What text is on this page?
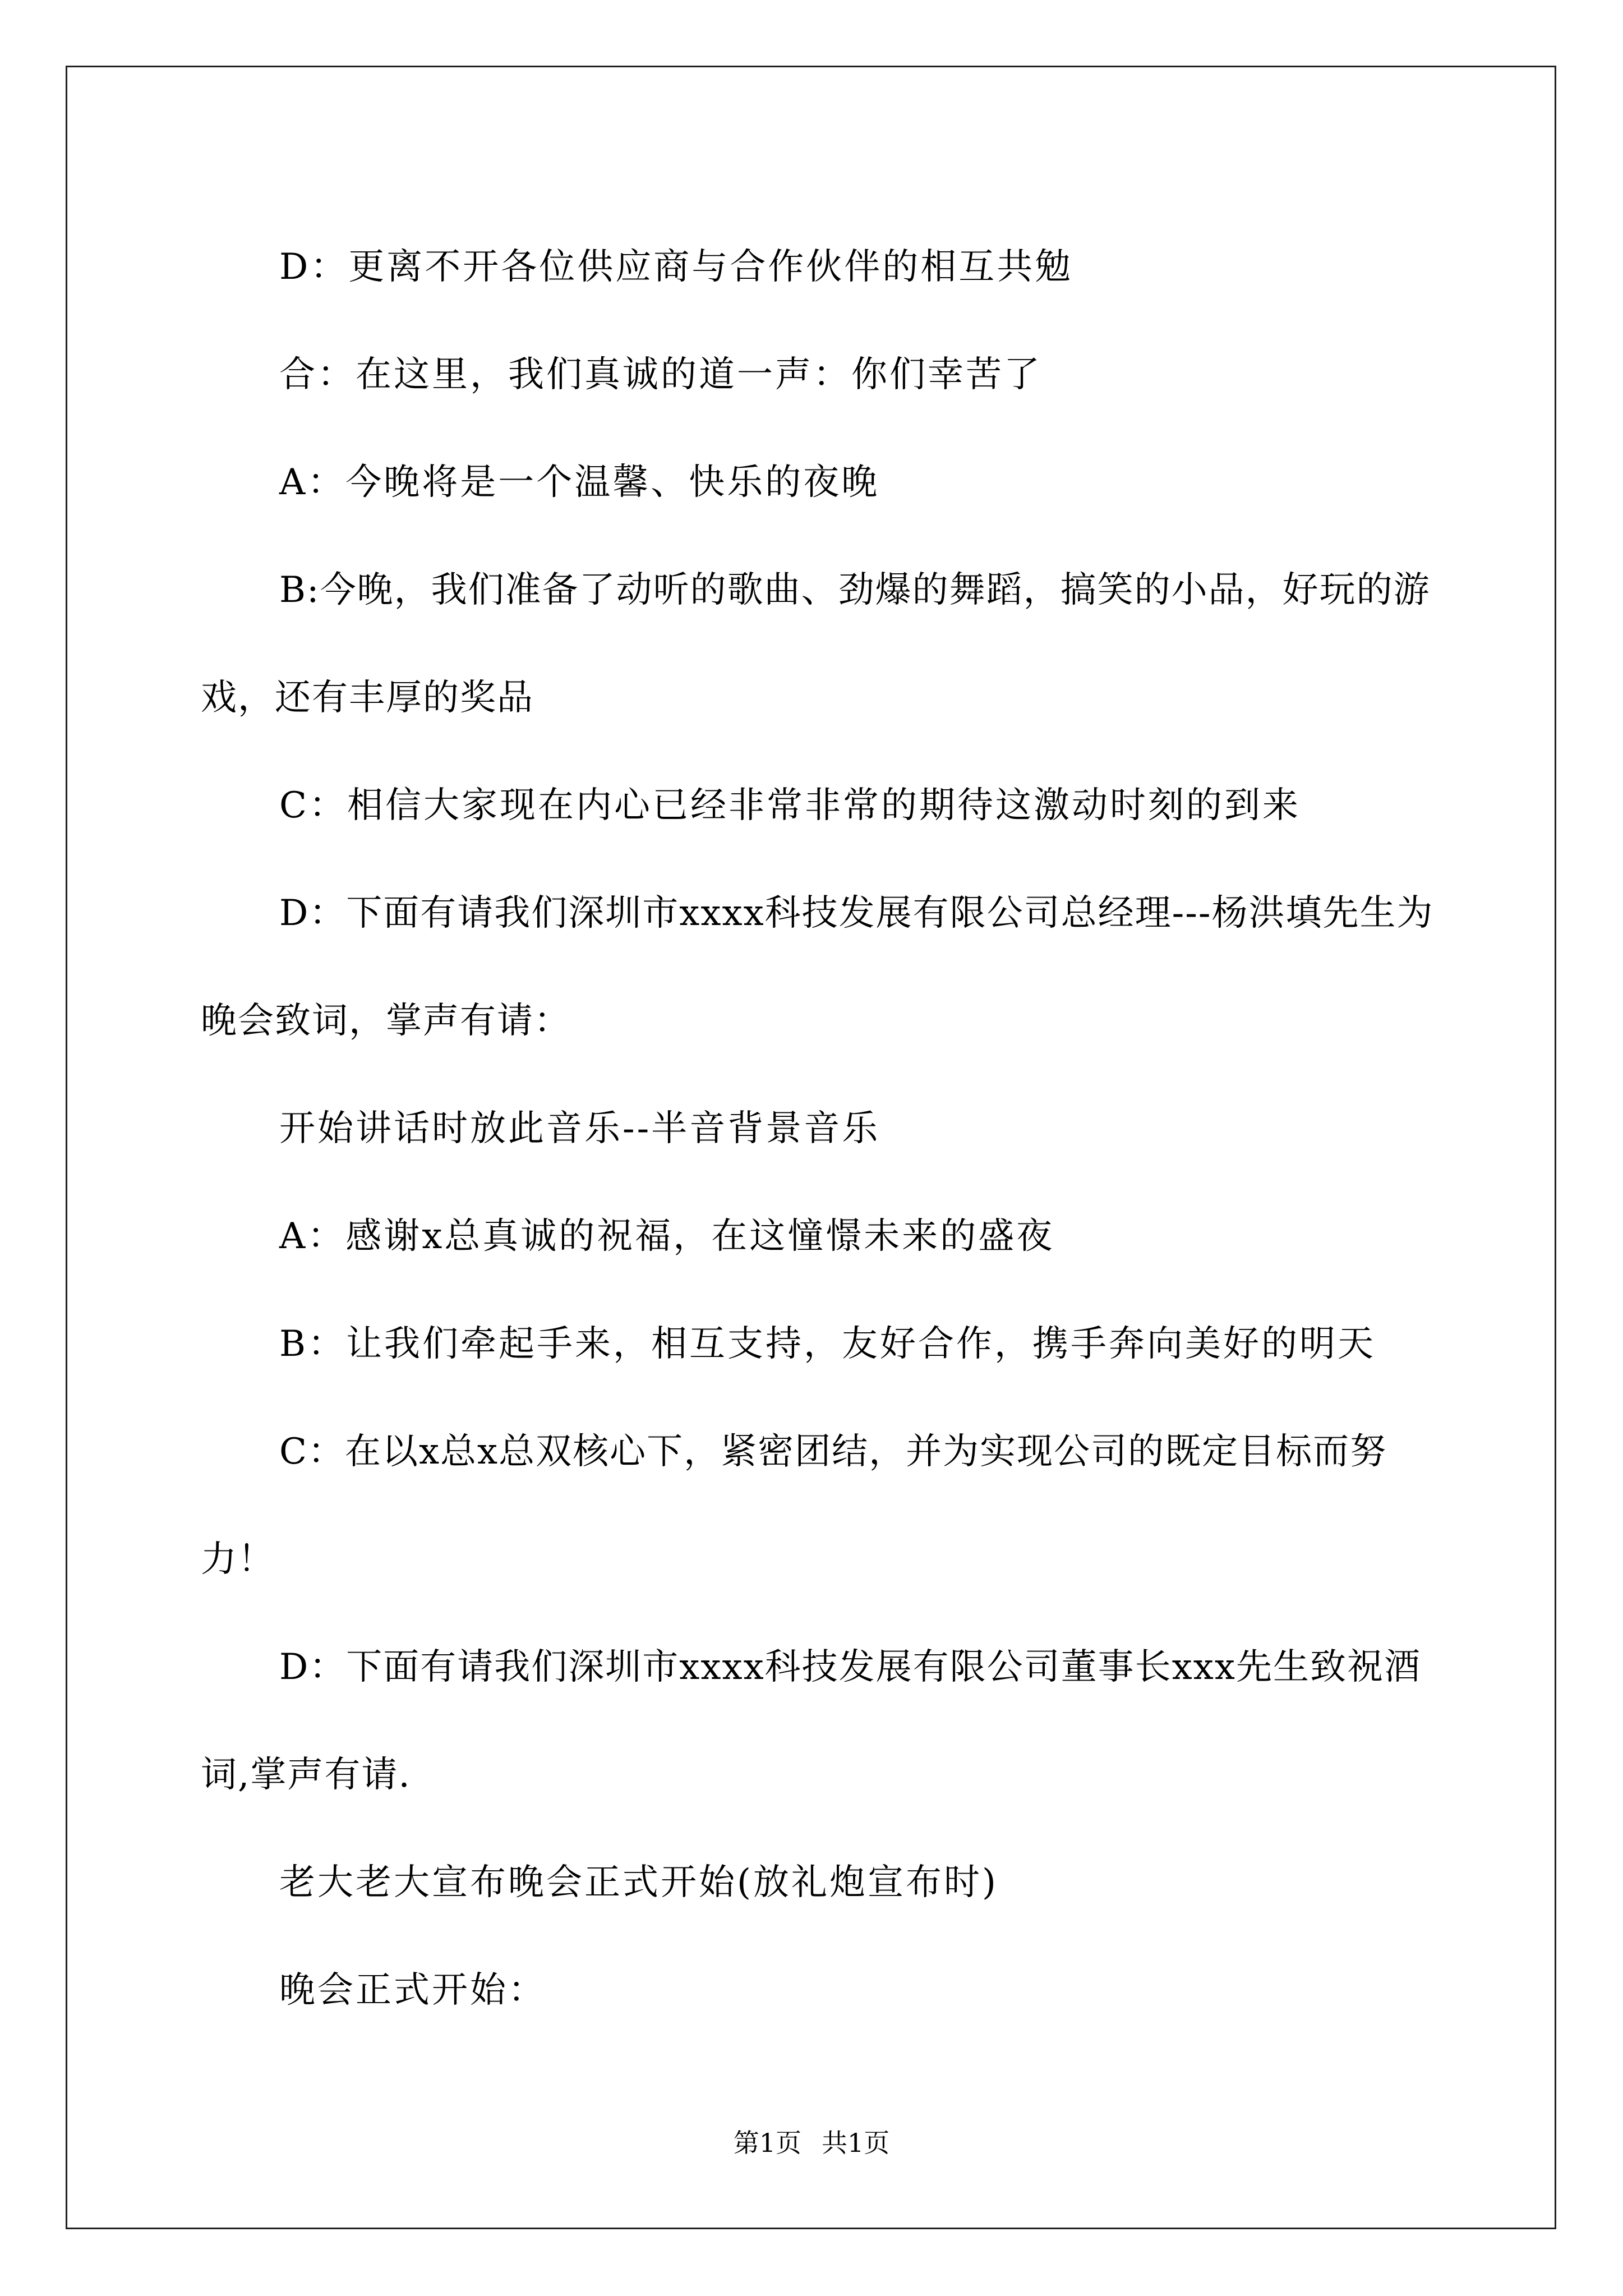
D：更离不开各位供应商与合作伙伴的相互共勉

合：在这里，我们真诚的道一声：你们幸苦了

A：今晚将是一个温馨、快乐的夜晚

B:今晚，我们准备了动听的歌曲、劲爆的舞蹈，搞笑的小品，好玩的游戏，还有丰厚的奖品

C：相信大家现在内心已经非常非常的期待这激动时刻的到来

D：下面有请我们深圳市xxxx科技发展有限公司总经理---杨洪填先生为晚会致词，掌声有请：

开始讲话时放此音乐--半音背景音乐

A：感谢x总真诚的祝福，在这憧憬未来的盛夜

B：让我们牵起手来，相互支持，友好合作，携手奔向美好的明天

C：在以x总x总双核心下，紧密团结，并为实现公司的既定目标而努力！

D：下面有请我们深圳市xxxx科技发展有限公司董事长xxx先生致祝酒词,掌声有请.

老大老大宣布晚会正式开始(放礼炮宣布时)

晚会正式开始：

第1页 共1页
